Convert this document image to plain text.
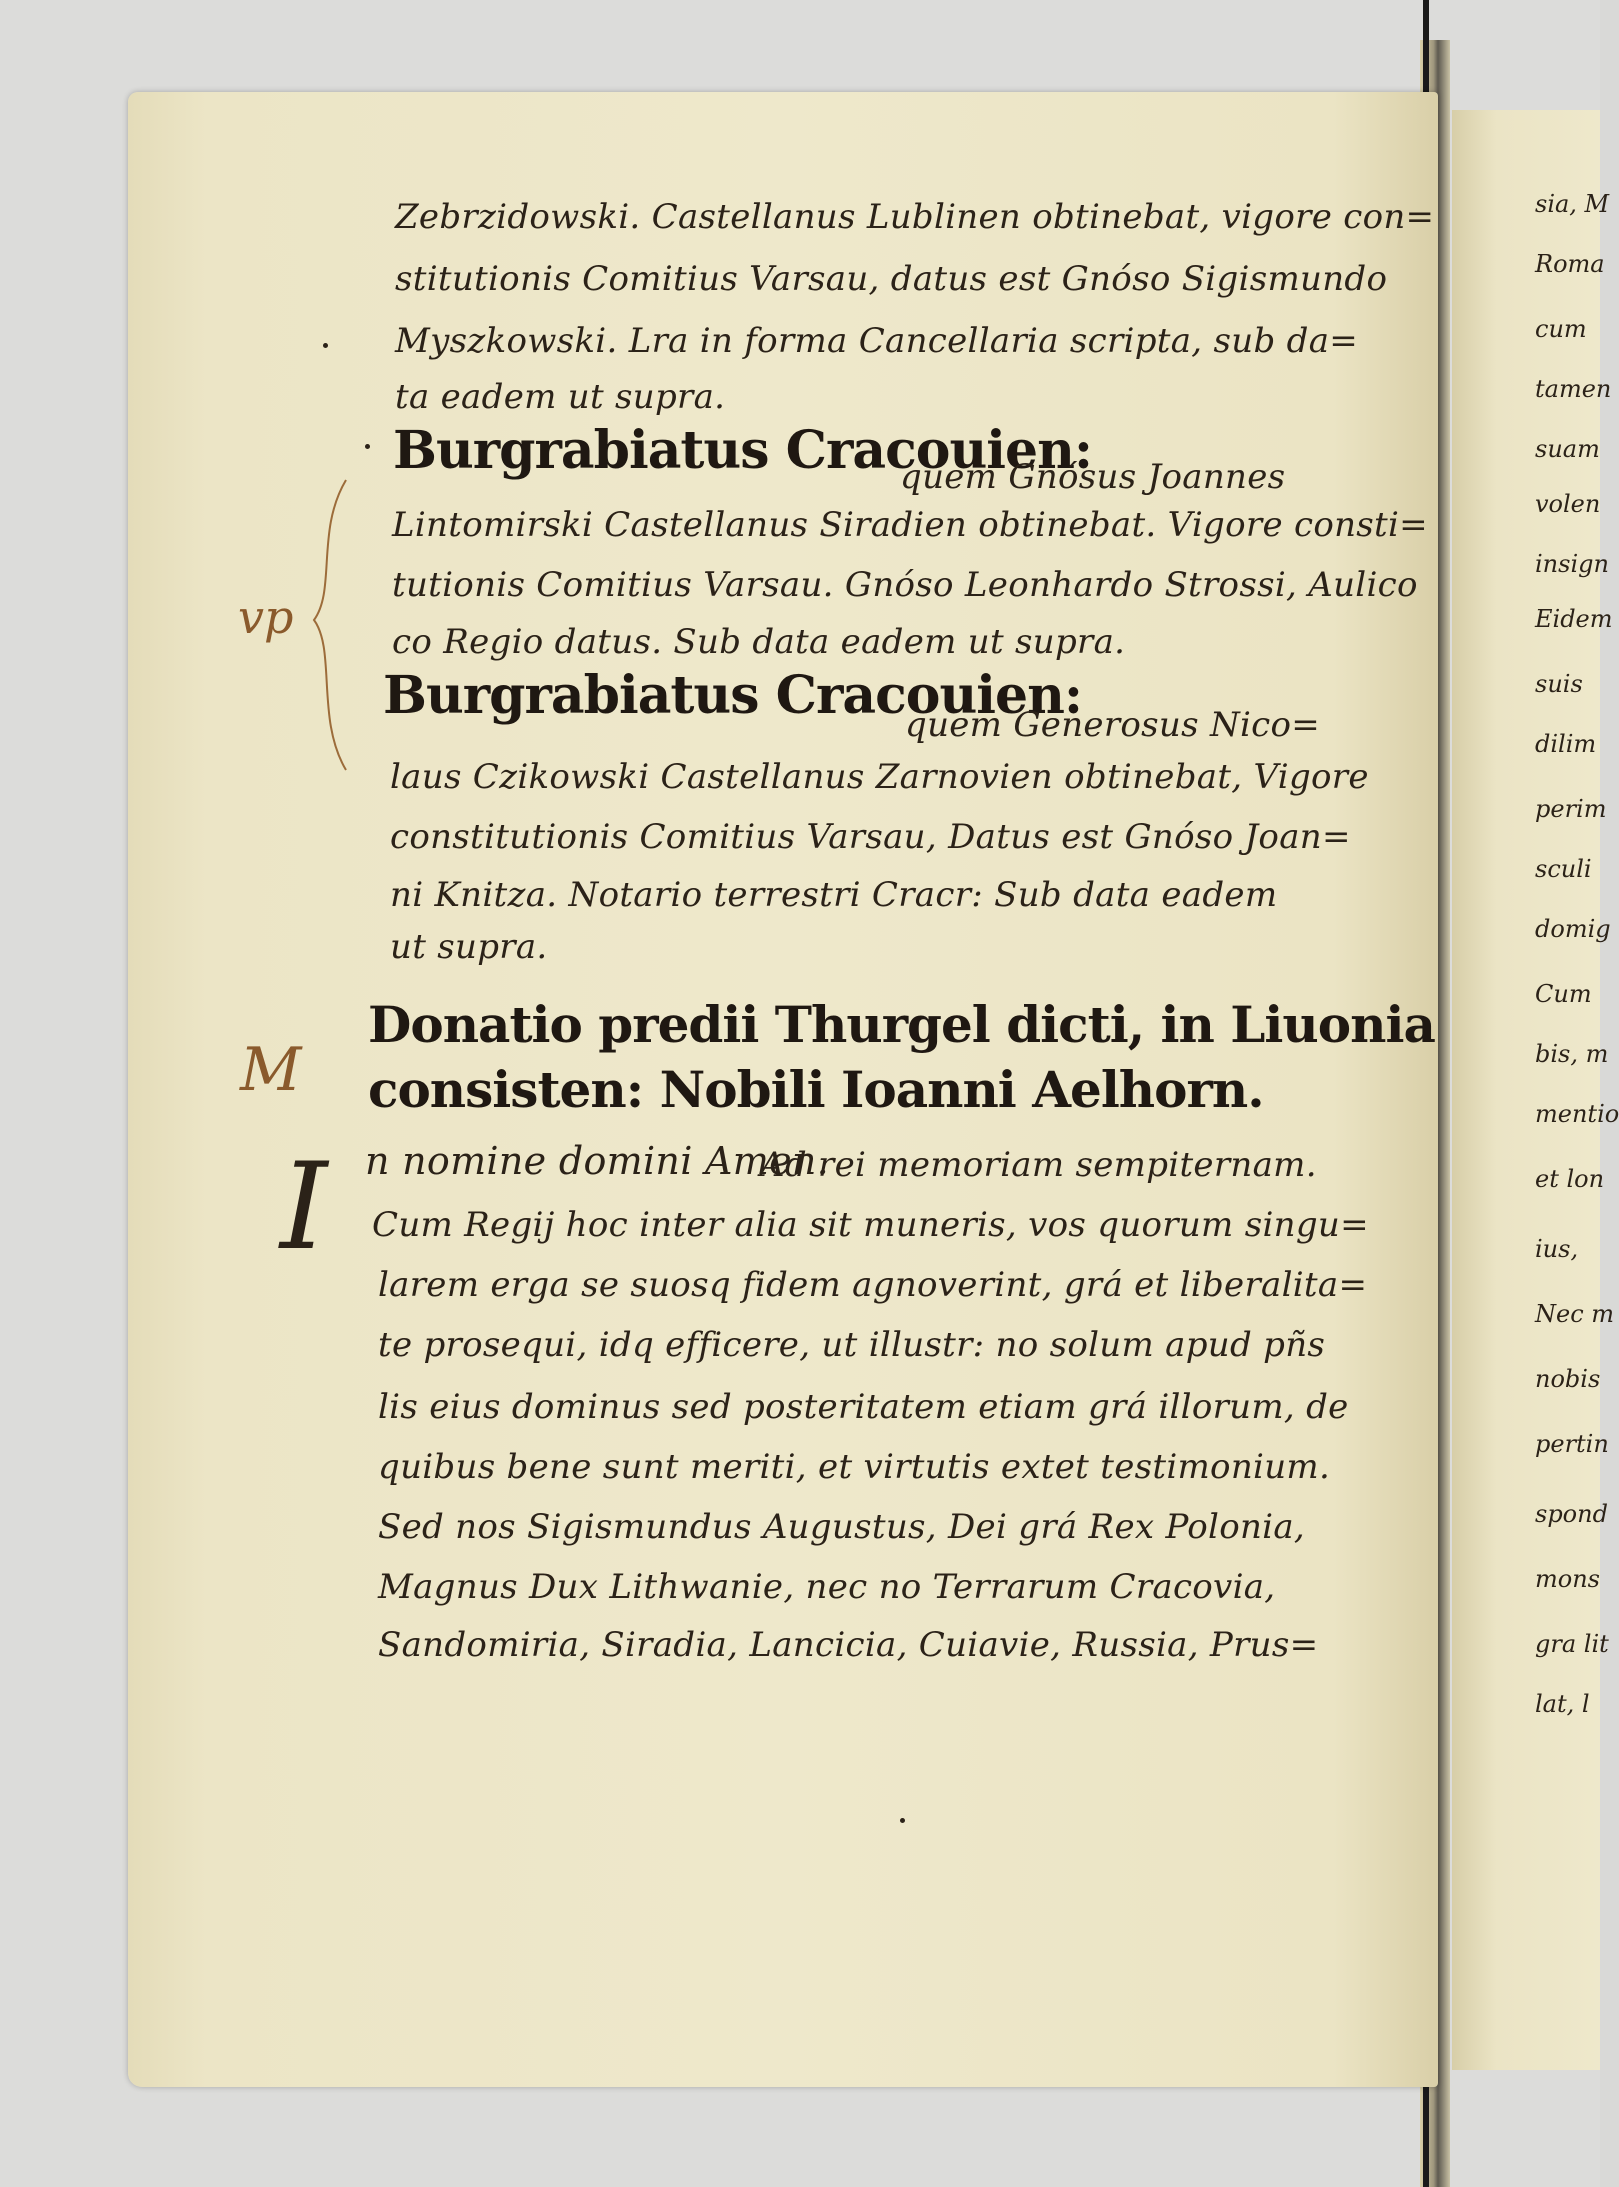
Zebrzidowski. Castellanus Lublinen obtinebat, vigore con=
stitutionis Comitius Varsau, datus est Gnóso Sigismundo
Myszkowski. Lra in forma Cancellaria scripta, sub da=
ta eadem ut supra.
Burgrabiatus Cracouien:
quem Gnósus Joannes
Lintomirski Castellanus Siradien obtinebat. Vigore consti=
tutionis Comitius Varsau. Gnóso Leonhardo Strossi, Aulico
co Regio datus. Sub data eadem ut supra.
Burgrabiatus Cracouien:
quem Generosus Nico=
laus Czikowski Castellanus Zarnovien obtinebat, Vigore
constitutionis Comitius Varsau, Datus est Gnóso Joan=
ni Knitza. Notario terrestri Cracr: Sub data eadem
ut supra.
Donatio predii Thurgel dicti, in Liuonia
consisten: Nobili Ioanni Aelhorn.
I n nomine domini Amen.
Ad rei memoriam sempiternam.
Cum Regij hoc inter alia sit muneris, vos quorum singu=
larem erga se suosq fidem agnoverint, grá et liberalita=
te prosequi, idq efficere, ut illustr: no solum apud pñs
lis eius dominus sed posteritatem etiam grá illorum, de
quibus bene sunt meriti, et virtutis extet testimonium.
Sed nos Sigismundus Augustus, Dei grá Rex Polonia,
Magnus Dux Lithwanie, nec no Terrarum Cracovia,
Sandomiria, Siradia, Lancicia, Cuiavie, Russia, Prus=
vp
M
sia, M
Roma
cum
tamen
suam
volen
insign
Eidem
suis
dilim
perim
sculi
domig
Cum
bis, m
mentio
et lon
ius,
Nec m
nobis
pertin
spond
mons
gra lit
lat, l
